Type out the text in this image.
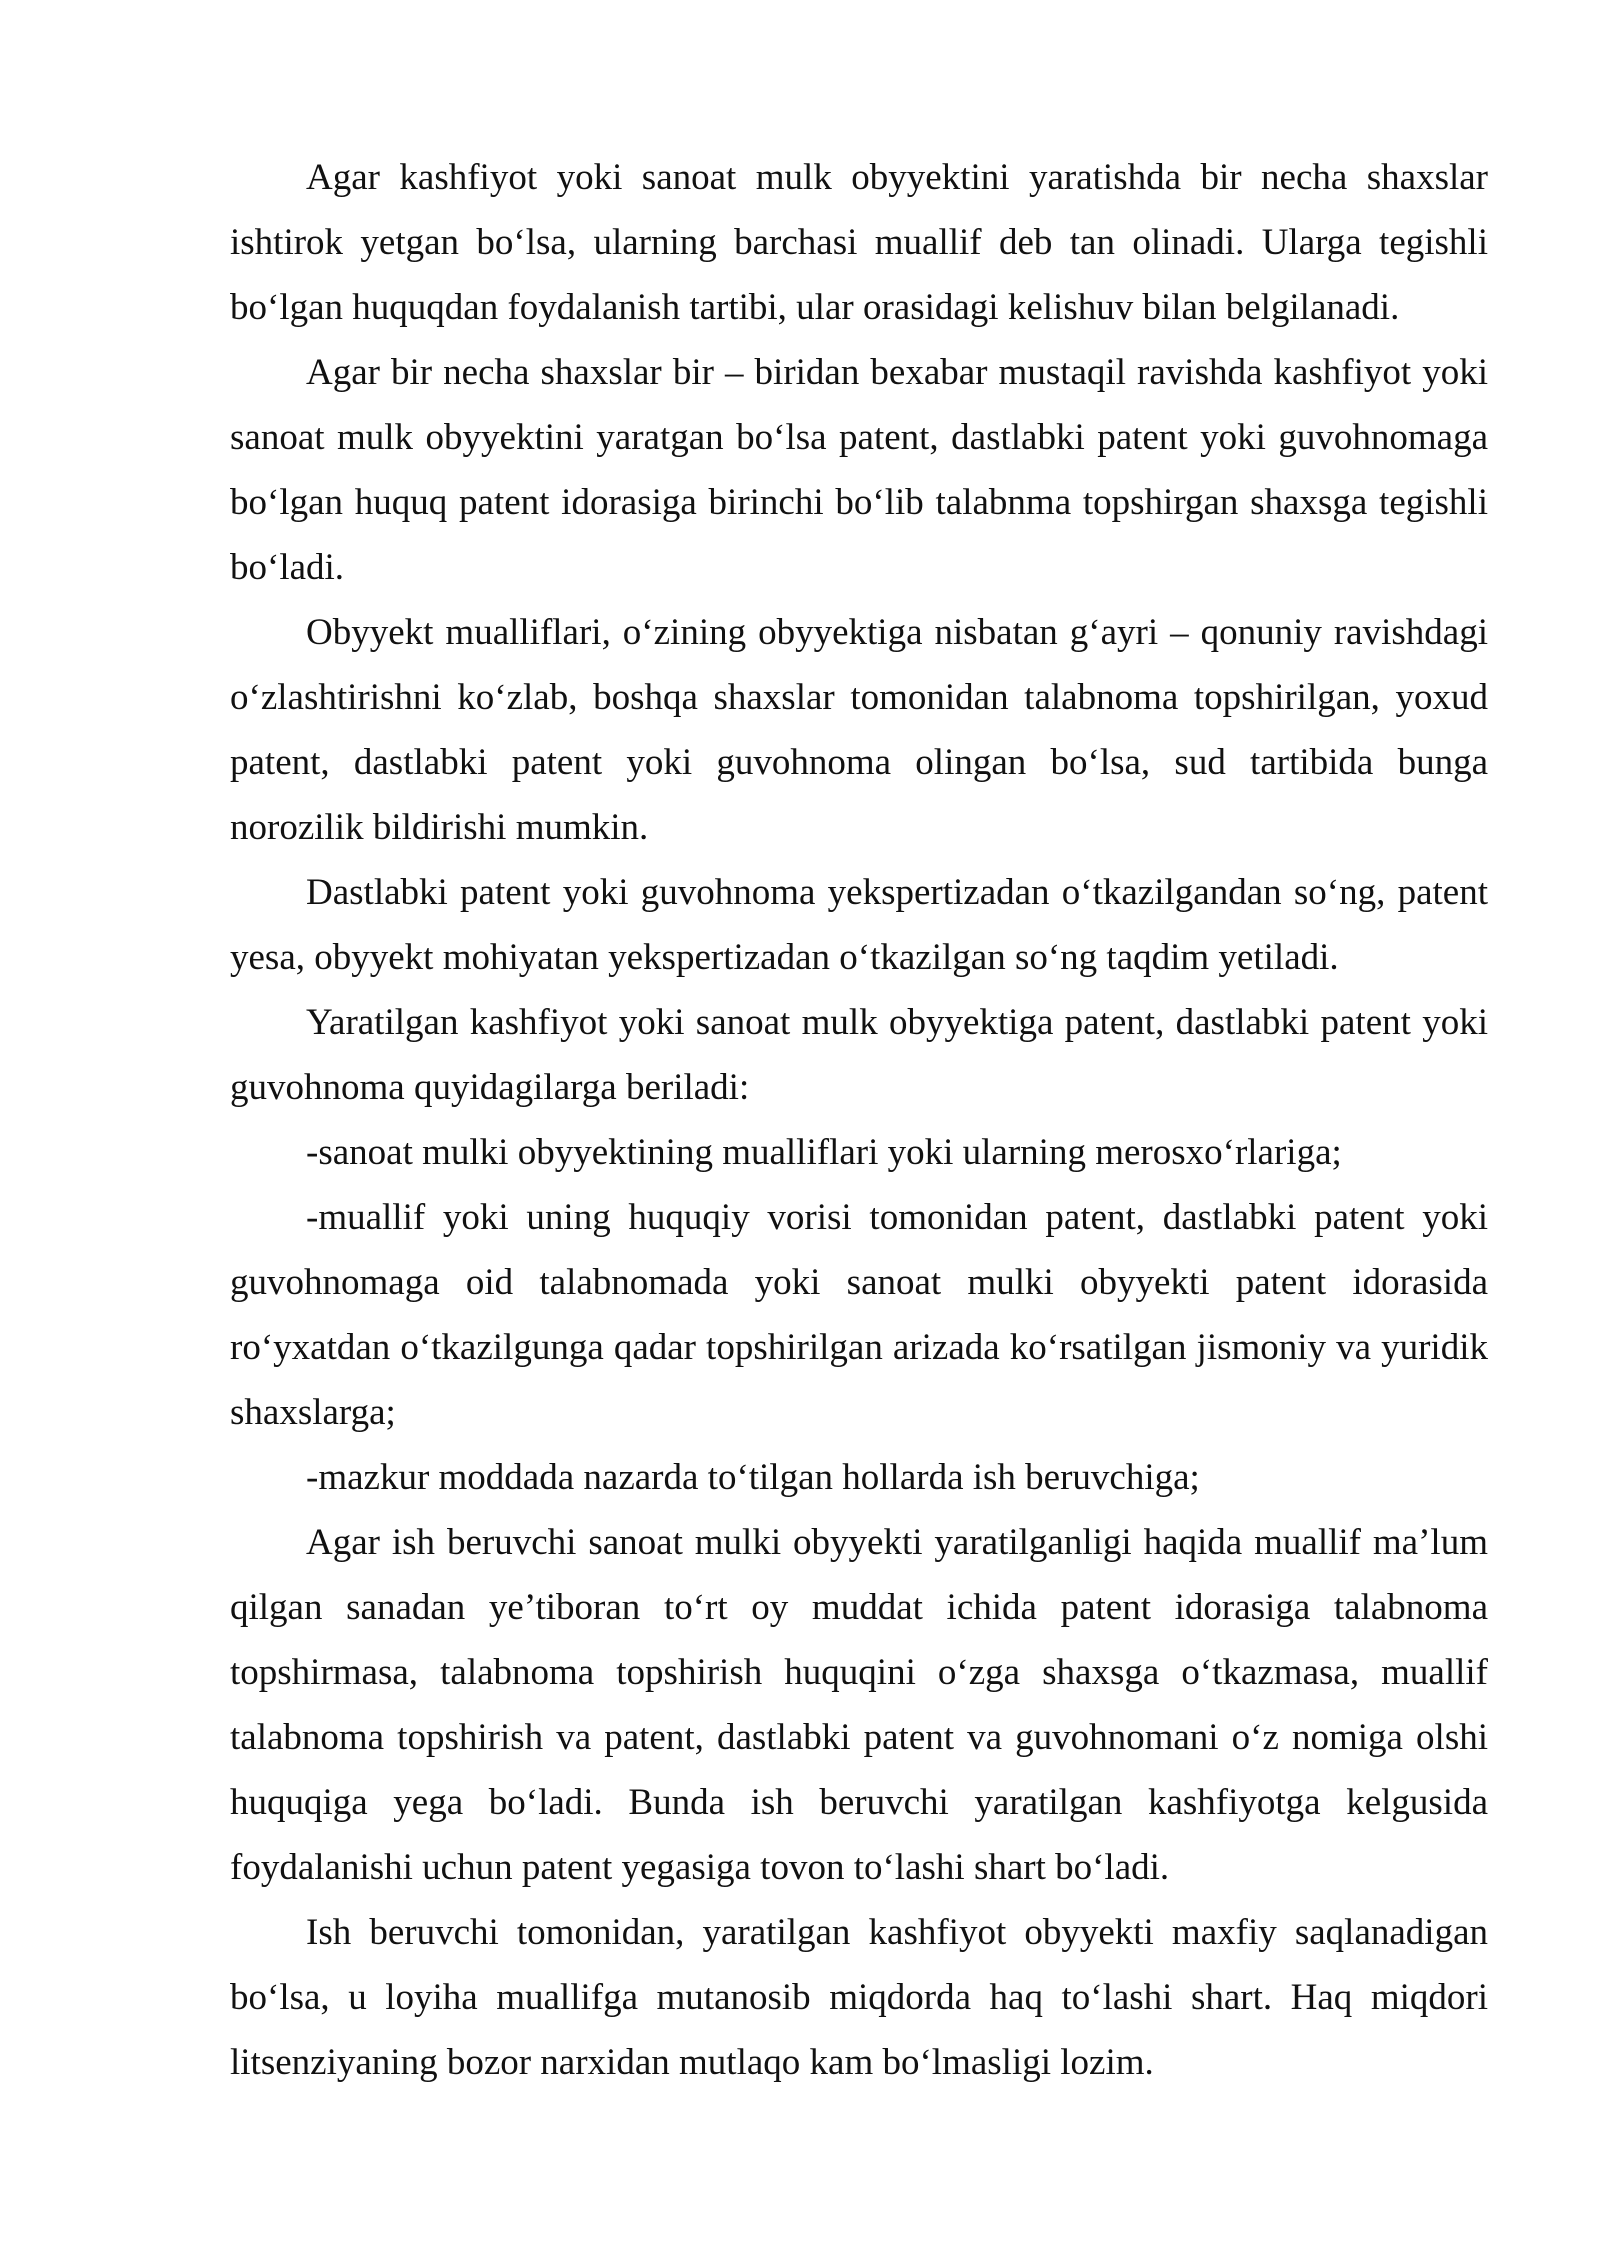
Agar kashfiyot yoki sanoat mulk obyyektini yaratishda bir necha shaxslar ishtirok yetgan bo‘lsa, ularning barchasi muallif deb tan olinadi. Ularga tegishli bo‘lgan huquqdan foydalanish tartibi, ular orasidagi kelishuv bilan belgilanadi.

Agar bir necha shaxslar bir – biridan bexabar mustaqil ravishda kashfiyot yoki sanoat mulk obyyektini yaratgan bo‘lsa patent, dastlabki patent yoki guvohnomaga bo‘lgan huquq patent idorasiga birinchi bo‘lib talabnma topshirgan shaxsga tegishli bo‘ladi.

Obyyekt mualliflari, o‘zining obyyektiga nisbatan g‘ayri – qonuniy ravishdagi o‘zlashtirishni ko‘zlab, boshqa shaxslar tomonidan talabnoma topshirilgan, yoxud patent, dastlabki patent yoki guvohnoma olingan bo‘lsa, sud tartibida bunga norozilik bildirishi mumkin.

Dastlabki patent yoki guvohnoma yekspertizadan o‘tkazilgandan so‘ng, patent yesa, obyyekt mohiyatan yekspertizadan o‘tkazilgan so‘ng taqdim yetiladi.

Yaratilgan kashfiyot yoki sanoat mulk obyyektiga patent, dastlabki patent yoki guvohnoma quyidagilarga beriladi:

-sanoat mulki obyyektining mualliflari yoki ularning merosxo‘rlariga;

-muallif yoki uning huquqiy vorisi tomonidan patent, dastlabki patent yoki guvohnomaga oid talabnomada yoki sanoat mulki obyyekti patent idorasida ro‘yxatdan o‘tkazilgunga qadar topshirilgan arizada ko‘rsatilgan jismoniy va yuridik shaxslarga;

-mazkur moddada nazarda to‘tilgan hollarda ish beruvchiga;

Agar ish beruvchi sanoat mulki obyyekti yaratilganligi haqida muallif ma’lum qilgan sanadan ye’tiboran to‘rt oy muddat ichida patent idorasiga talabnoma topshirmasa, talabnoma topshirish huquqini o‘zga shaxsga o‘tkazmasa, muallif talabnoma topshirish va patent, dastlabki patent va guvohnomani o‘z nomiga olshi huquqiga yega bo‘ladi. Bunda ish beruvchi yaratilgan kashfiyotga kelgusida foydalanishi uchun patent yegasiga tovon to‘lashi shart bo‘ladi.

Ish beruvchi tomonidan, yaratilgan kashfiyot obyyekti maxfiy saqlanadigan bo‘lsa, u loyiha muallifga mutanosib miqdorda haq to‘lashi shart. Haq miqdori litsenziyaning bozor narxidan mutlaqo kam bo‘lmasligi lozim.
